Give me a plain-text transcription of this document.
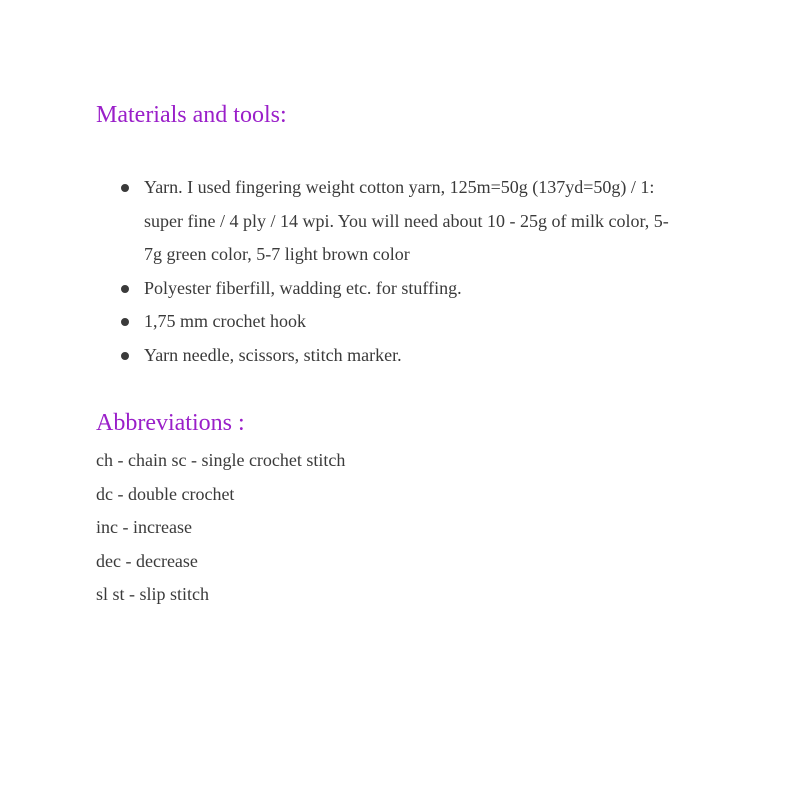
Materials and tools:
Yarn. I used fingering weight cotton yarn, 125m=50g (137yd=50g) / 1: super fine / 4 ply / 14 wpi. You will need about 10 - 25g of milk color, 5-7g green color, 5-7 light brown color
Polyester fiberfill, wadding etc. for stuffing.
1,75 mm crochet hook
Yarn needle, scissors, stitch marker.
Abbreviations :

ch - chain sc - single crochet stitch

dc - double crochet

inc - increase

dec - decrease

sl st - slip stitch
